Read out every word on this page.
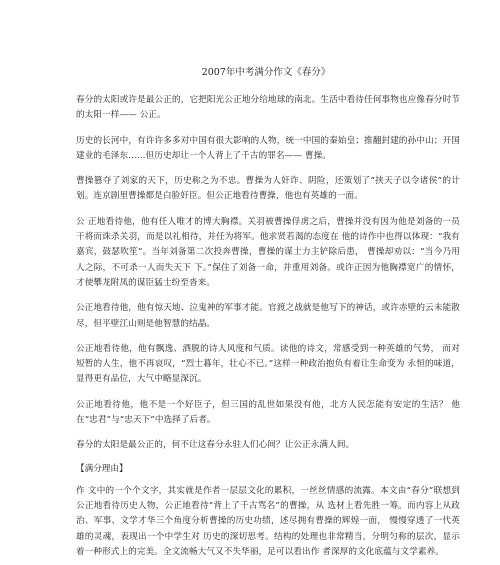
2007年中考满分作文《春分》

春分的太阳或许是最公正的，它把阳光公正地分给地球的南北。生活中看待任何事物也应像春分时节的太阳一样—— 公正。

历史的长河中，有许许多多对中国有很大影响的人物，统一中国的秦始皇；推翻封建的孙中山；开国建业的毛泽东……但历史却让一个人背上了千古的罪名—— 曹操。

曹操篡夺了刘家的天下，历史称之为不忠。曹操为人奸诈、阴险，还策划了“挟天子以令诸侯”的计划。连京剧里曹操都是白脸奸臣。但公正地看待曹操，他也有英雄的一面。

公 正地看待他，他有任人唯才的博大胸襟。关羽被曹操俘虏之后，曹操并没有因为他是刘备的一员干将而诛杀关羽，而是以礼相待，并任为将军。他求贤若渴的态度在 他的诗作中也得以体现：“我有嘉宾，鼓瑟吹笙”。当年刘备第二次投奔曹操，曹操的谋士力主铲除后患， 曹操却劝以：“当今乃用人之际，不可杀一人而失天下 下。”保住了刘备一命，并重用刘备。或许正因为他胸襟宽广的情怀，才使攀龙附凤的谋臣猛士纷至沓来。

公正地看待他，他有惊天地、泣鬼神的军事才能。官渡之战就是他写下的神话，或许赤壁的云未能散尽，但平壁江山则是他智慧的结晶。

公正地看待他，他有飘逸、洒脱的诗人风度和气质。读他的诗文，常感受到一种英雄的气势， 而对短暂的人生，他不再哀叹，“烈士暮年，壮心不已。”这样一种政治抱负有着让生命变为 永恒的味道，显得更有品位，大气中略显深沉。

公正地看待他，他不是一个好臣子，但三国的乱世如果没有他，北方人民怎能有安定的生活？ 他在“忠君”与“忠天下”中选择了后者。

春分的太阳是最公正的，何不让这春分永驻人们心间？让公正永满人间。

【满分理由】

作 文中的一个个文字，其实就是作者一层层文化的累积，一丝丝情感的流露。本文由“春分”联想到公正地看待历史人物，公正地看待“背上了千古骂名”的曹操，从 选材上看先胜一筹。而内容上从政治、军事、文学才华三个角度分析曹操的历史功绩，述尽拥有曹操的辉煌一面， 慢慢穿透了一代英雄的灵魂，表现出一个中学生对 历史的深切思考。结构的处理也非常精当，分明匀称的层次，显示着一种形式上的完美。全文流畅大气又不失华丽，足可以看出作 者深厚的文化底蕴与文学素养。
